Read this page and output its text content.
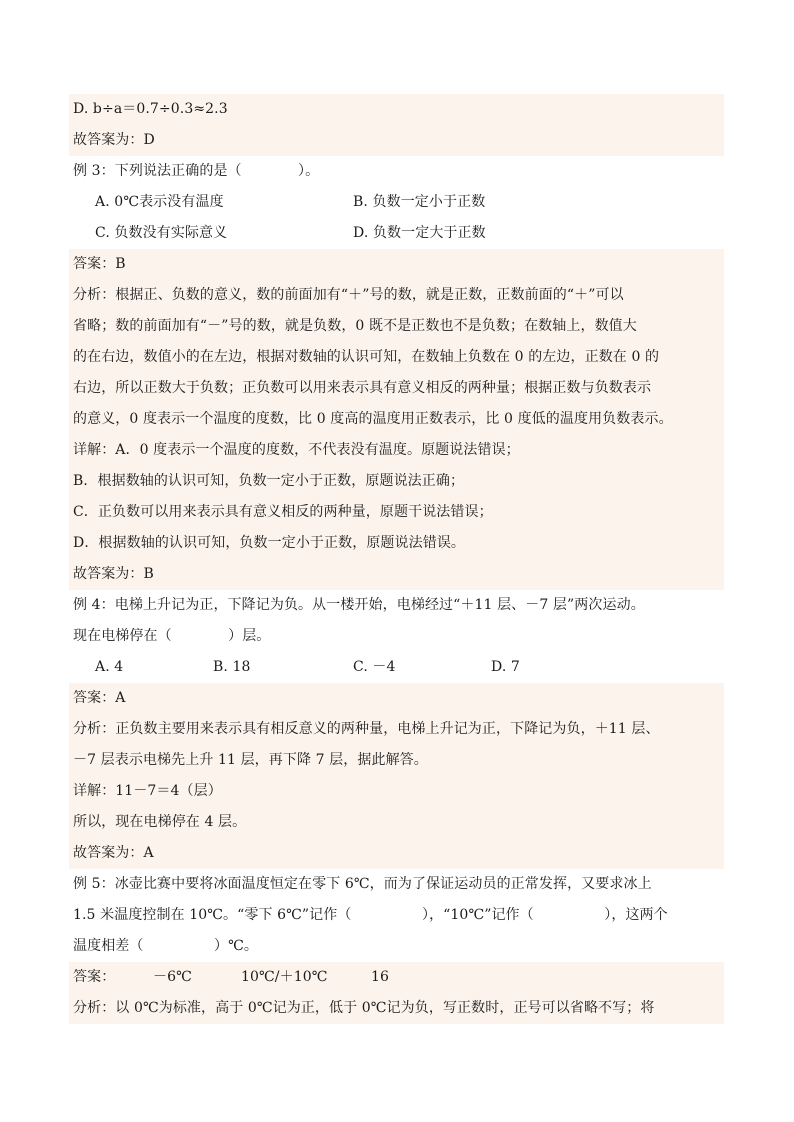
D. b÷a＝0.7÷0.3≈2.3
故答案为：D
例 3：下列说法正确的是（　　　　）。
A. 0℃表示没有温度	B. 负数一定小于正数
C. 负数没有实际意义	D. 负数一定大于正数
答案：B
分析：根据正、负数的意义，数的前面加有“＋”号的数，就是正数，正数前面的“＋”可以
省略；数的前面加有“－”号的数，就是负数，0 既不是正数也不是负数；在数轴上，数值大
的在右边，数值小的在左边，根据对数轴的认识可知，在数轴上负数在 0 的左边，正数在 0 的
右边，所以正数大于负数；正负数可以用来表示具有意义相反的两种量；根据正数与负数表示
的意义，0 度表示一个温度的度数，比 0 度高的温度用正数表示，比 0 度低的温度用负数表示。
详解：A．0 度表示一个温度的度数，不代表没有温度。原题说法错误；
B．根据数轴的认识可知，负数一定小于正数，原题说法正确；
C．正负数可以用来表示具有意义相反的两种量，原题干说法错误；
D．根据数轴的认识可知，负数一定小于正数，原题说法错误。
故答案为：B
例 4：电梯上升记为正，下降记为负。从一楼开始，电梯经过“＋11 层、－7 层”两次运动。
现在电梯停在（　　　　）层。
A. 4	B. 18	C. －4	D. 7
答案：A
分析：正负数主要用来表示具有相反意义的两种量，电梯上升记为正，下降记为负，＋11 层、
－7 层表示电梯先上升 11 层，再下降 7 层，据此解答。
详解：11－7＝4（层）
所以，现在电梯停在 4 层。
故答案为：A
例 5：冰壶比赛中要将冰面温度恒定在零下 6℃，而为了保证运动员的正常发挥，又要求冰上
1.5 米温度控制在 10℃。“零下 6℃”记作（　　　　　），“10℃”记作（　　　　　），这两个
温度相差（　　　　　）℃。
答案：	－6℃	10℃/＋10℃	16
分析：以 0℃为标准，高于 0℃记为正，低于 0℃记为负，写正数时，正号可以省略不写；将
